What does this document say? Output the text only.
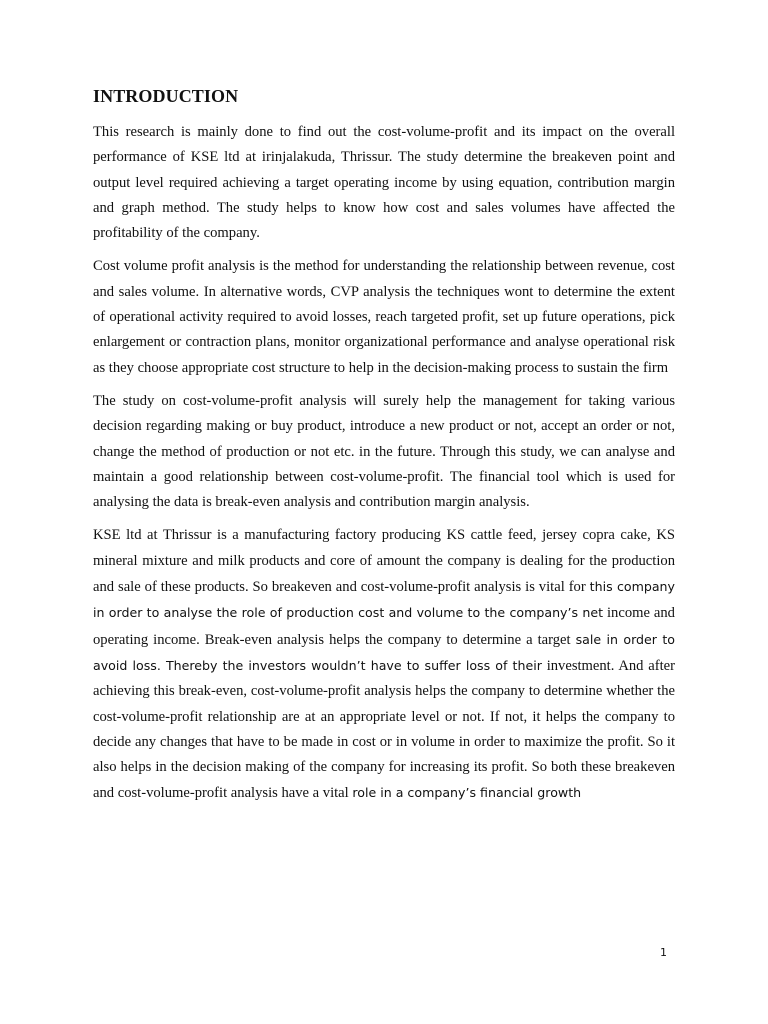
INTRODUCTION

This research is mainly done to find out the cost-volume-profit and its impact on the overall performance of KSE ltd at irinjalakuda, Thrissur. The study determine the breakeven point and output level required achieving a target operating income by using equation, contribution margin and graph method. The study helps to know how cost and sales volumes have affected the profitability of the company.

Cost volume profit analysis is the method for understanding the relationship between revenue, cost and sales volume. In alternative words, CVP analysis the techniques wont to determine the extent of operational activity required to avoid losses, reach targeted profit, set up future operations, pick enlargement or contraction plans, monitor organizational performance and analyse operational risk as they choose appropriate cost structure to help in the decision-making process to sustain the firm

The study on cost-volume-profit analysis will surely help the management for taking various decision regarding making or buy product, introduce a new product or not, accept an order or not, change the method of production or not etc. in the future. Through this study, we can analyse and maintain a good relationship between cost-volume-profit. The financial tool which is used for analysing the data is break-even analysis and contribution margin analysis.

KSE ltd at Thrissur is a manufacturing factory producing KS cattle feed, jersey copra cake, KS mineral mixture and milk products and core of amount the company is dealing for the production and sale of these products. So breakeven and cost-volume-profit analysis is vital for this company in order to analyse the role of production cost and volume to the company’s net income and operating income. Break-even analysis helps the company to determine a target sale in order to avoid loss. Thereby the investors wouldn’t have to suffer loss of their investment. And after achieving this break-even, cost-volume-profit analysis helps the company to determine whether the cost-volume-profit relationship are at an appropriate level or not. If not, it helps the company to decide any changes that have to be made in cost or in volume in order to maximize the profit. So it also helps in the decision making of the company for increasing its profit. So both these breakeven and cost-volume-profit analysis have a vital role in a company’s financial growth

1
